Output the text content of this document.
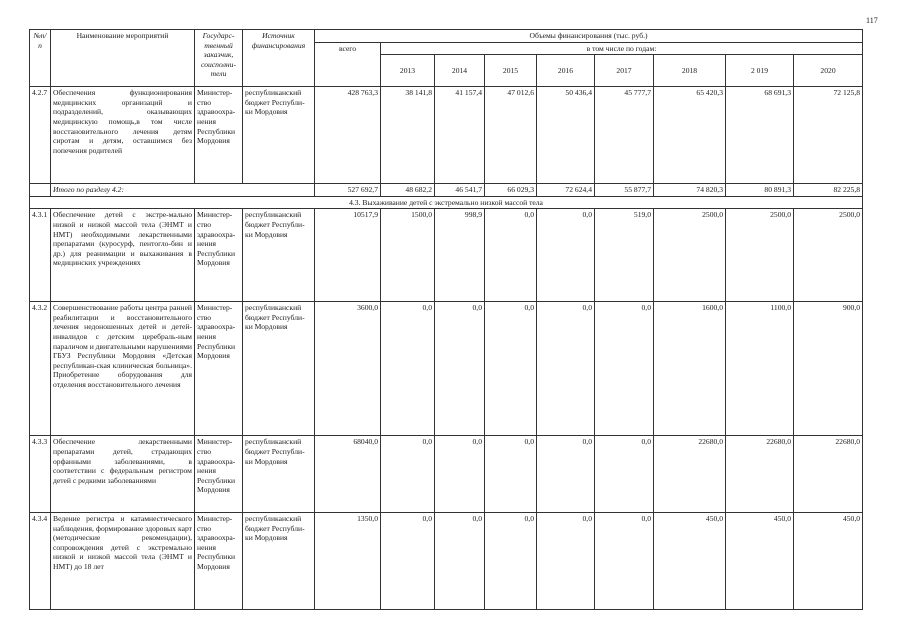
117
№п/п	Наименование мероприятий	Государс-твенный заказчик, соисполни-тели	Источник финансирования	Объемы финансирования (тыс. руб.)								
				всего	в том числе по годам:							
					2013	2014	2015	2016	2017	2018	2 019	2020
4.2.7	Обеспечения функционирования медицинских организаций и подразделений, оказывающих медицинскую помощь,в том числе восстановительного лечения детям сиротам и детям, оставшимся без попечения родителей	Министер-ство здравоохра-нения Республики Мордовия	республиканский бюджет Республи-ки Мордовия	428 763,3	38 141,8	41 157,4	47 012,6	50 436,4	45 777,7	65 420,3	68 691,3	72 125,8
	Итого по разделу 4.2:			527 692,7	48 682,2	46 541,7	66 029,3	72 624,4	55 877,7	74 820,3	80 891,3	82 225,8
4.3. Выхаживание детей с экстремально низкой массой тела												
4.3.1	Обеспечение детей с экстре-мально низкой и низкой массой тела (ЭНМТ и НМТ) необходимыми лекарственными препаратами (куросурф, пентогло-бин и др.) для реанимации и выхаживания в медицинских учреждениях	Министер-ство здравоохра-нения Республики Мордовия	республиканский бюджет Республи-ки Мордовия	10517,9	1500,0	998,9	0,0	0,0	519,0	2500,0	2500,0	2500,0
4.3.2	Совершенствование работы центра ранней реабилитации и восстановительного лечения недоношенных детей и детей-инвалидов с детским церебраль-ным параличом и двигательными нарушениями ГБУЗ Республики Мордовия «Детская республикан-ская клиническая больница». Приобретение оборудования для отделения восстановительного лечения	Министер-ство здравоохра-нения Республики Мордовия	республиканский бюджет Республи-ки Мордовия	3600,0	0,0	0,0	0,0	0,0	0,0	1600,0	1100,0	900,0
4.3.3	Обеспечение лекарственными препаратами детей, страдающих орфанными заболеваниями, в соответствии с федеральным регистром детей с редкими заболеваниями	Министер-ство здравоохра-нения Республики Мордовия	республиканский бюджет Республи-ки Мордовия	68040,0	0,0	0,0	0,0	0,0	0,0	22680,0	22680,0	22680,0
4.3.4	Ведение регистра и катамнестического наблюдения, формирование здоровых карт (методические рекомендации), сопровождения детей с экстремально низкой и низкой массой тела (ЭНМТ и НМТ) до 18 лет	Министер-ство здравоохра-нения Республики Мордовия	республиканский бюджет Республи-ки Мордовия	1350,0	0,0	0,0	0,0	0,0	0,0	450,0	450,0	450,0
